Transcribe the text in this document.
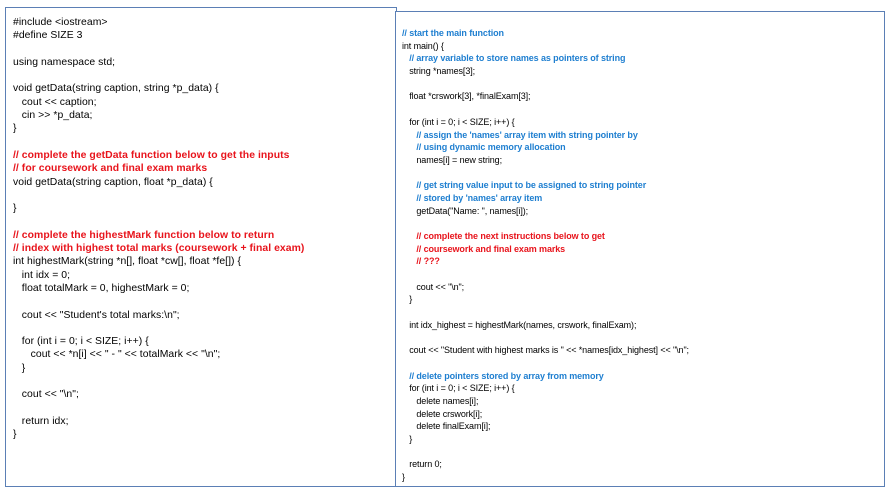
#include <iostream>
#define SIZE 3

using namespace std;

void getData(string caption, string *p_data) {
cout << caption;
cin >> *p_data;
}

// complete the getData function below to get the inputs
// for coursework and final exam marks
void getData(string caption, float *p_data) {

}

// complete the highestMark function below to return
// index with highest total marks (coursework + final exam)
int highestMark(string *n[], float *cw[], float *fe[]) {
int idx = 0;
float totalMark = 0, highestMark = 0;

cout << "Student's total marks:\n";

for (int i = 0; i < SIZE; i++) {
cout << *n[i] << " - " << totalMark << "\n";
}

cout << "\n";

return idx;
}
// start the main function
int main() {
// array variable to store names as pointers of string
string *names[3];

float *crswork[3], *finalExam[3];

for (int i = 0; i < SIZE; i++) {
// assign the 'names' array item with string pointer by
// using dynamic memory allocation
names[i] = new string;

// get string value input to be assigned to string pointer
// stored by 'names' array item
getData("Name: ", names[i]);

// complete the next instructions below to get
// coursework and final exam marks
// ???

cout << "\n";
}

int idx_highest = highestMark(names, crswork, finalExam);

cout << "Student with highest marks is " << *names[idx_highest] << "\n";

// delete pointers stored by array from memory
for (int i = 0; i < SIZE; i++) {
delete names[i];
delete crswork[i];
delete finalExam[i];
}

return 0;
}
